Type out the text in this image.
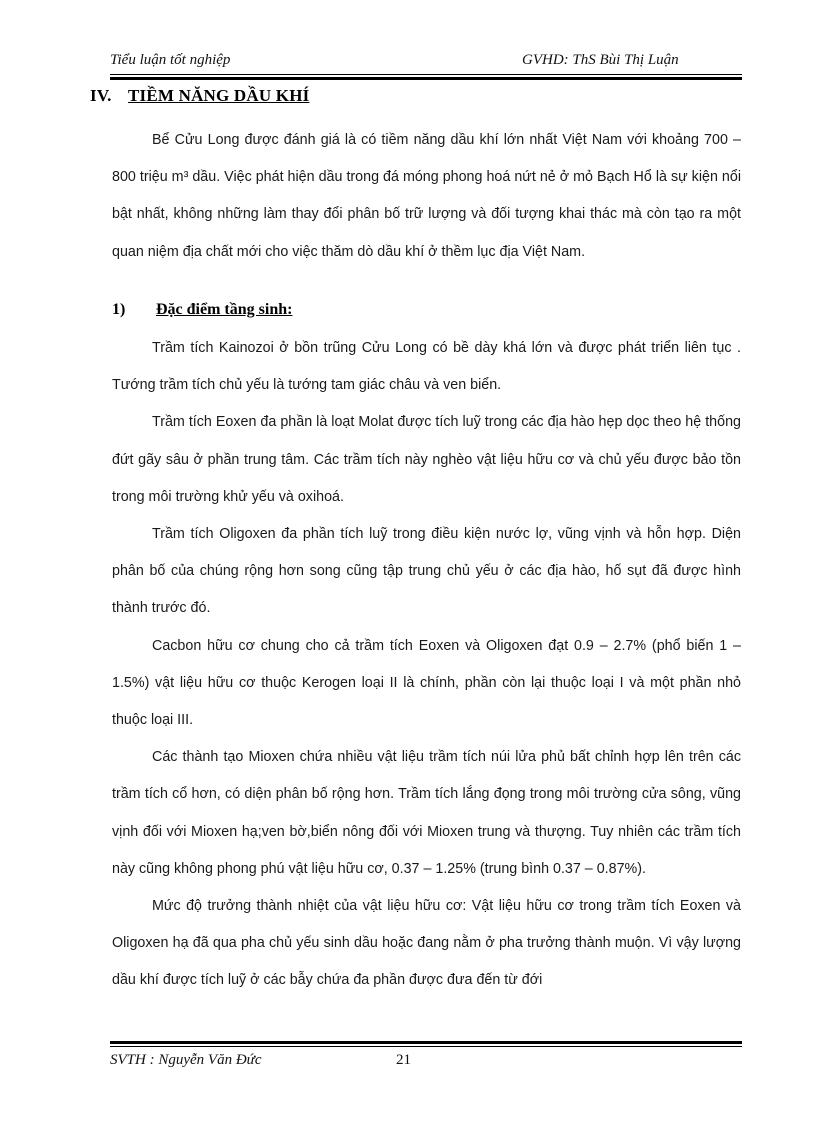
Tiểu luận tốt nghiệp	GVHD: ThS Bùi Thị Luận
IV. TIỀM NĂNG DẦU KHÍ

Bể Cửu Long được đánh giá là có tiềm năng dầu khí lớn nhất Việt Nam với khoảng 700 – 800 triệu m³ dầu. Việc phát hiện dầu trong đá móng phong hoá nứt nẻ ở mỏ Bạch Hổ là sự kiện nổi bật nhất, không những làm thay đổi phân bố trữ lượng và đối tượng khai thác mà còn tạo ra một quan niệm địa chất mới cho việc thăm dò dầu khí ở thềm lục địa Việt Nam.

1) Đặc điểm tầng sinh:

Trầm tích Kainozoi ở bồn trũng Cửu Long có bề dày khá lớn và được phát triển liên tục . Tướng trầm tích chủ yếu là tướng tam giác châu và ven biển.

Trầm tích Eoxen đa phần là loạt Molat được tích luỹ trong các địa hào hẹp dọc theo hệ thống đứt gãy sâu ở phần trung tâm. Các trầm tích này nghèo vật liệu hữu cơ và chủ yếu được bảo tồn trong môi trường khử yếu và oxihoá.

Trầm tích Oligoxen đa phần tích luỹ trong điều kiện nước lợ, vũng vịnh và hỗn hợp. Diện phân bố của chúng rộng hơn song cũng tập trung chủ yếu ở các địa hào, hố sụt đã được hình thành trước đó.

Cacbon hữu cơ chung cho cả trầm tích Eoxen và Oligoxen đạt 0.9 – 2.7% (phổ biến 1 – 1.5%) vật liệu hữu cơ thuộc Kerogen loại II là chính, phần còn lại thuộc loại I và một phần nhỏ thuộc loại III.

Các thành tạo Mioxen chứa nhiều vật liệu trầm tích núi lửa phủ bất chỉnh hợp lên trên các trầm tích cổ hơn, có diện phân bố rộng hơn. Trầm tích lắng đọng trong môi trường cửa sông, vũng vịnh đối với Mioxen hạ;ven bờ,biển nông đối với Mioxen trung và thượng. Tuy nhiên các trầm tích này cũng không phong phú vật liệu hữu cơ, 0.37 – 1.25% (trung bình 0.37 – 0.87%).

Mức độ trưởng thành nhiệt của vật liệu hữu cơ: Vật liệu hữu cơ trong trầm tích Eoxen và Oligoxen hạ đã qua pha chủ yếu sinh dầu hoặc đang nằm ở pha trưởng thành muộn. Vì vậy lượng dầu khí được tích luỹ ở các bẫy chứa đa phần được đưa đến từ đới

SVTH : Nguyễn Văn Đức	21
